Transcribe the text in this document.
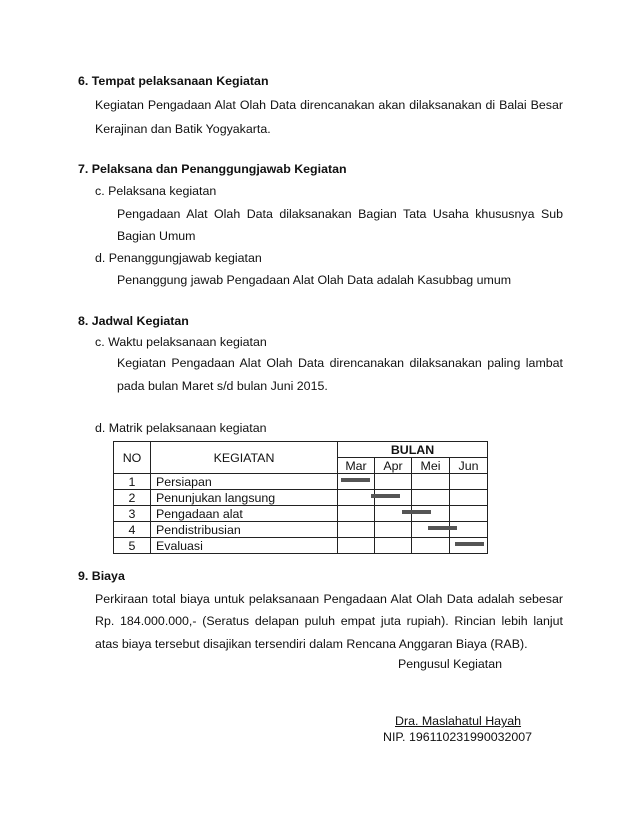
6. Tempat pelaksanaan Kegiatan
Kegiatan Pengadaan Alat Olah Data direncanakan akan dilaksanakan di Balai Besar
Kerajinan dan Batik Yogyakarta.
7. Pelaksana dan Penanggungjawab Kegiatan
c. Pelaksana kegiatan
Pengadaan Alat Olah Data dilaksanakan Bagian Tata Usaha khususnya Sub
Bagian Umum
d. Penanggungjawab kegiatan
Penanggung jawab Pengadaan Alat Olah Data adalah Kasubbag umum
8. Jadwal Kegiatan
c. Waktu pelaksanaan kegiatan
Kegiatan Pengadaan Alat Olah Data direncanakan dilaksanakan paling lambat
pada bulan Maret s/d bulan Juni 2015.
d. Matrik pelaksanaan kegiatan
NO	KEGIATAN	BULAN			
		Mar	Apr	Mei	Jun
1	Persiapan	

2	Penunjukan langsung		

3	Pengadaan alat			

4	Pendistribusian			

5	Evaluasi				
9. Biaya
Perkiraan total biaya untuk pelaksanaan Pengadaan Alat Olah Data adalah sebesar
Rp. 184.000.000,- (Seratus delapan puluh empat juta rupiah). Rincian lebih lanjut
atas biaya tersebut disajikan tersendiri dalam Rencana Anggaran Biaya (RAB).
Pengusul Kegiatan
Dra. Maslahatul Hayah
NIP. 196110231990032007
